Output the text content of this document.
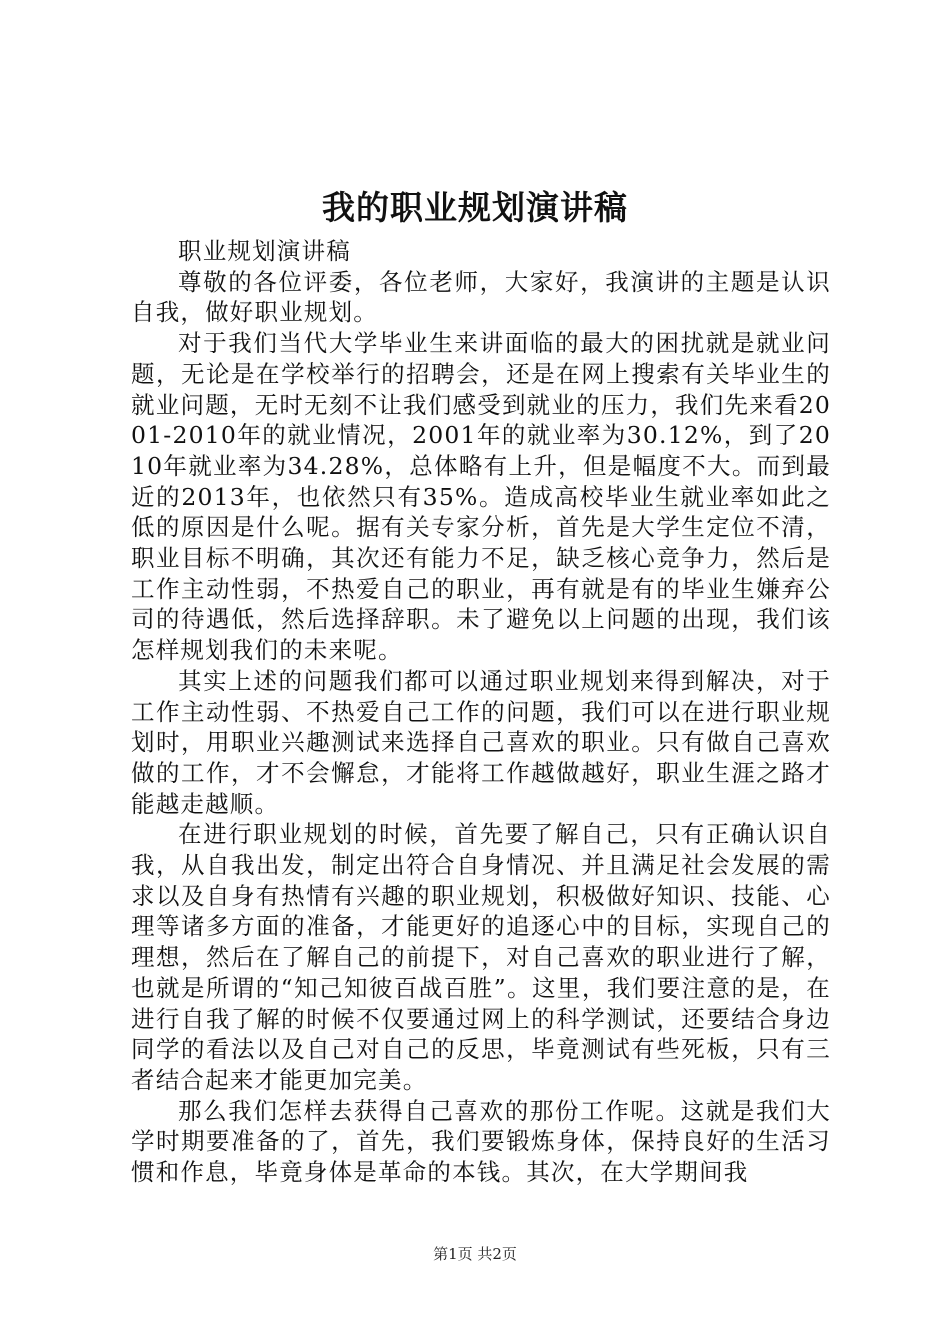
我的职业规划演讲稿

职业规划演讲稿

尊敬的各位评委，各位老师，大家好，我演讲的主题是认识自我，做好职业规划。

对于我们当代大学毕业生来讲面临的最大的困扰就是就业问题，无论是在学校举行的招聘会，还是在网上搜索有关毕业生的就业问题，无时无刻不让我们感受到就业的压力，我们先来看2001-2010年的就业情况，2001年的就业率为30.12%，到了2010年就业率为34.28%，总体略有上升，但是幅度不大。而到最近的2013年，也依然只有35%。造成高校毕业生就业率如此之低的原因是什么呢。据有关专家分析，首先是大学生定位不清，职业目标不明确，其次还有能力不足，缺乏核心竞争力，然后是工作主动性弱，不热爱自己的职业，再有就是有的毕业生嫌弃公司的待遇低，然后选择辞职。未了避免以上问题的出现，我们该怎样规划我们的未来呢。

其实上述的问题我们都可以通过职业规划来得到解决，对于工作主动性弱、不热爱自己工作的问题，我们可以在进行职业规划时，用职业兴趣测试来选择自己喜欢的职业。只有做自己喜欢做的工作，才不会懈怠，才能将工作越做越好，职业生涯之路才能越走越顺。

在进行职业规划的时候，首先要了解自己，只有正确认识自我，从自我出发，制定出符合自身情况、并且满足社会发展的需求以及自身有热情有兴趣的职业规划，积极做好知识、技能、心理等诸多方面的准备，才能更好的追逐心中的目标，实现自己的理想，然后在了解自己的前提下，对自己喜欢的职业进行了解，也就是所谓的“知己知彼百战百胜”。这里，我们要注意的是，在进行自我了解的时候不仅要通过网上的科学测试，还要结合身边同学的看法以及自己对自己的反思，毕竟测试有些死板，只有三者结合起来才能更加完美。

那么我们怎样去获得自己喜欢的那份工作呢。这就是我们大学时期要准备的了，首先，我们要锻炼身体，保持良好的生活习惯和作息，毕竟身体是革命的本钱。其次，在大学期间我

第1页 共2页
